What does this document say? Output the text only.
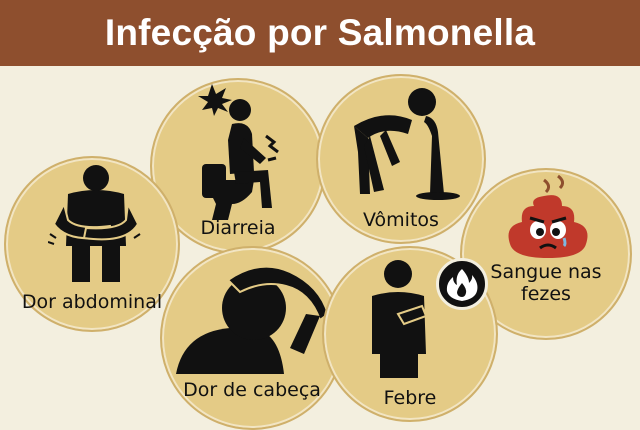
Infecção por Salmonella
Diarreia	Vômitos
Dor abdominal
Sangue nas fezes
Dor de cabeça	Febre
